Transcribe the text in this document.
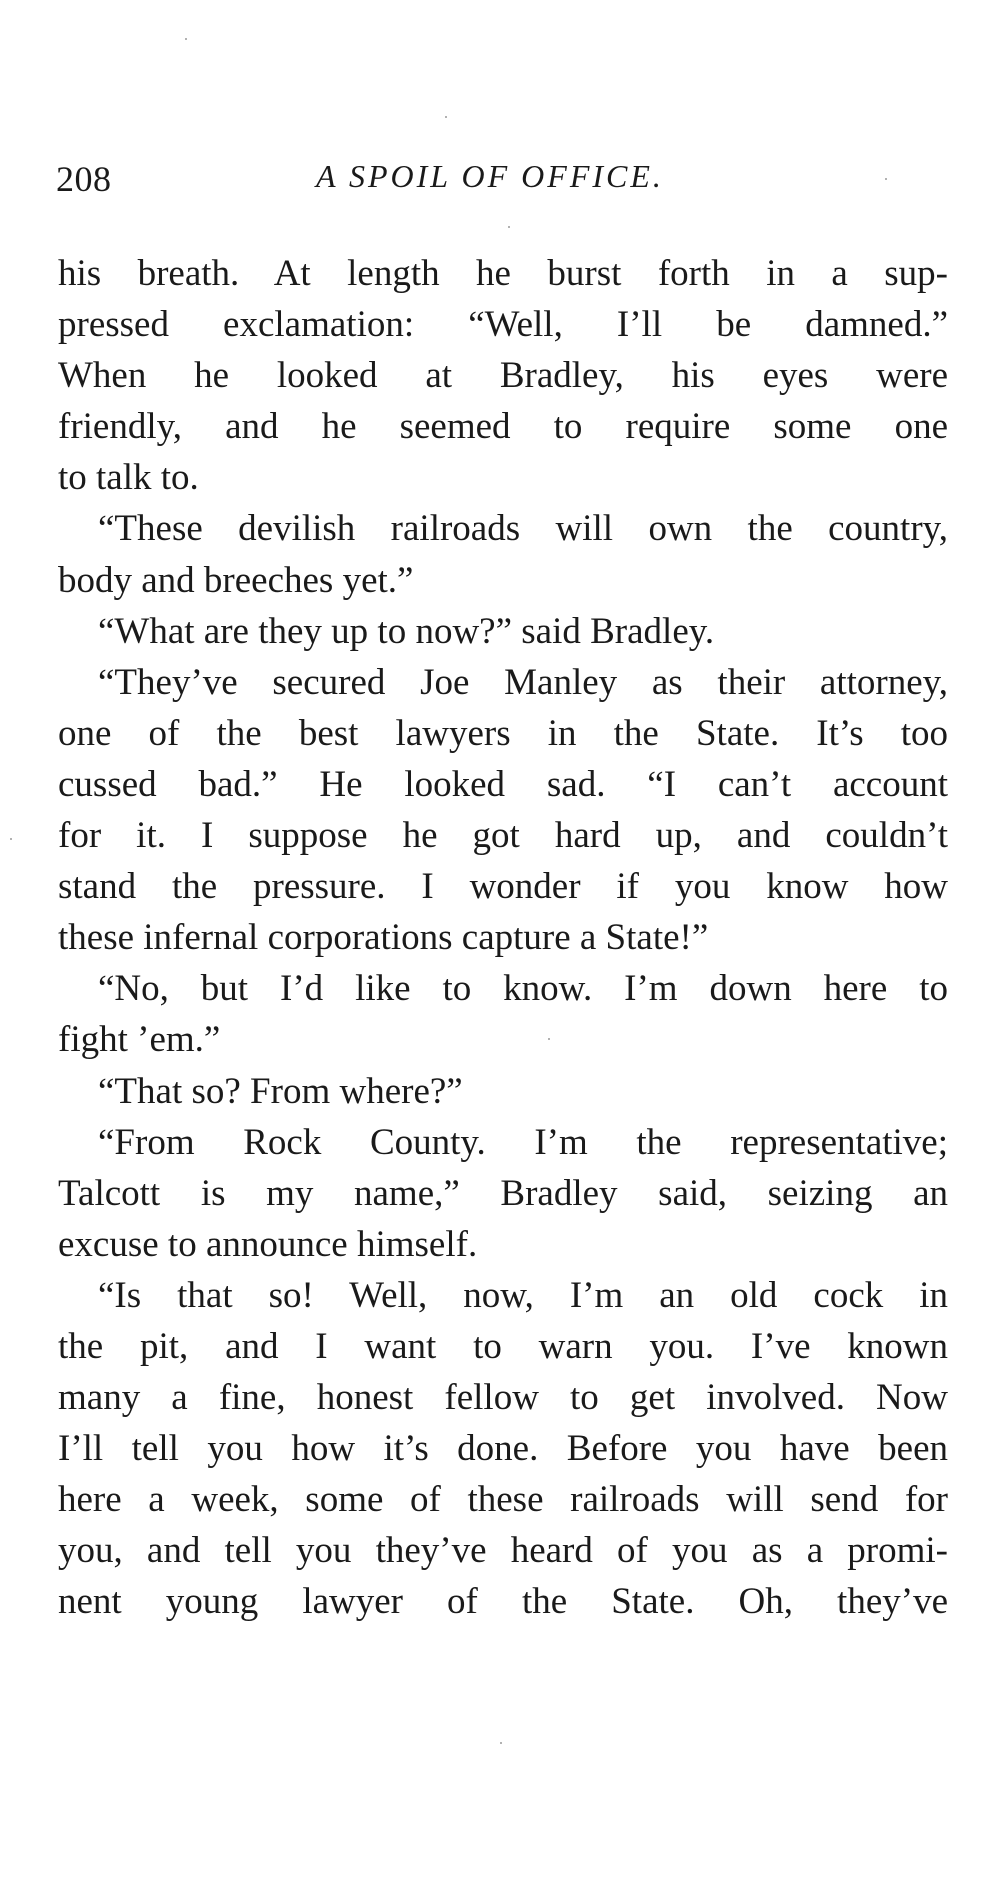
208	A SPOIL OF OFFICE.
his breath. At length he burst forth in a sup-
pressed exclamation: “Well, I’ll be damned.”
When he looked at Bradley, his eyes were
friendly, and he seemed to require some one
to talk to.
“These devilish railroads will own the country,
body and breeches yet.”
“What are they up to now?” said Bradley.
“They’ve secured Joe Manley as their attorney,
one of the best lawyers in the State. It’s too
cussed bad.” He looked sad. “I can’t account
for it. I suppose he got hard up, and couldn’t
stand the pressure. I wonder if you know how
these infernal corporations capture a State!”
“No, but I’d like to know. I’m down here to
fight ’em.”
“That so? From where?”
“From Rock County. I’m the representative;
Talcott is my name,” Bradley said, seizing an
excuse to announce himself.
“Is that so! Well, now, I’m an old cock in
the pit, and I want to warn you. I’ve known
many a fine, honest fellow to get involved. Now
I’ll tell you how it’s done. Before you have been
here a week, some of these railroads will send for
you, and tell you they’ve heard of you as a promi-
nent young lawyer of the State. Oh, they’ve
